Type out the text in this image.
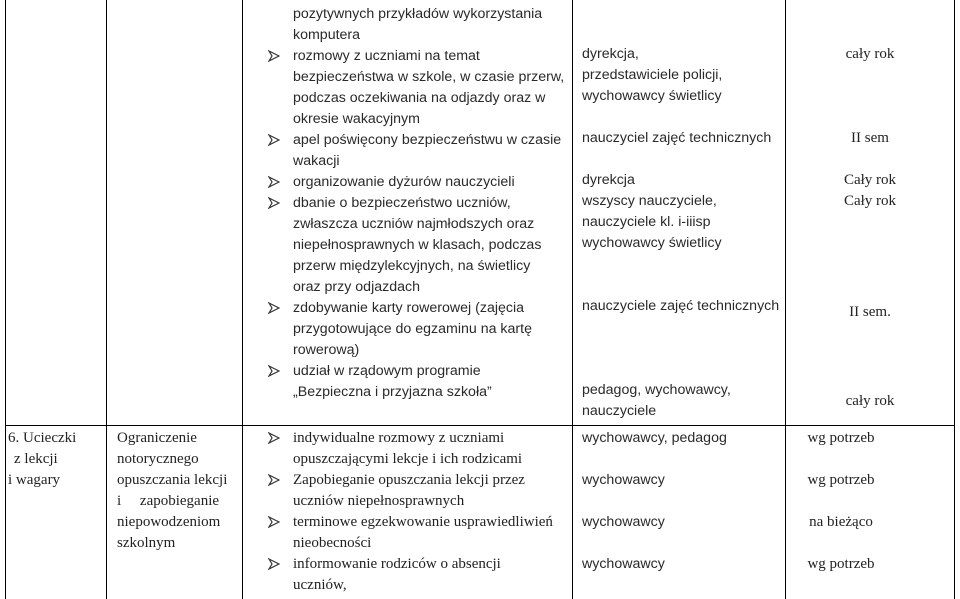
pozytywnych przykładów wykorzystania
komputera
rozmowy z uczniami na temat
bezpieczeństwa w szkole, w czasie przerw,
podczas oczekiwania na odjazdy oraz w
okresie wakacyjnym
apel poświęcony bezpieczeństwu w czasie
wakacji
organizowanie dyżurów nauczycieli
dbanie o bezpieczeństwo uczniów,
zwłaszcza uczniów najmłodszych oraz
niepełnosprawnych w klasach, podczas
przerw międzylekcyjnych, na świetlicy
oraz przy odjazdach
zdobywanie karty rowerowej (zajęcia
przygotowujące do egzaminu na kartę
rowerową)
udział w rządowym programie
„Bezpieczna i przyjazna szkoła”
dyrekcja,
przedstawiciele policji,
wychowawcy świetlicy
nauczyciel zajęć technicznych
dyrekcja
wszyscy nauczyciele,
nauczyciele kl. i-iiisp
wychowawcy świetlicy
nauczyciele zajęć technicznych
pedagog, wychowawcy,
nauczyciele
cały rok
II sem
Cały rok
Cały rok
II sem.
cały rok
6. Ucieczki
z lekcji
i wagary
Ograniczenie
notorycznego
opuszczania lekcji
i     zapobieganie
niepowodzeniom
szkolnym
indywidualne rozmowy z uczniami
opuszczającymi lekcje i ich rodzicami
Zapobieganie opuszczania lekcji przez
uczniów niepełnosprawnych
terminowe egzekwowanie usprawiedliwień
nieobecności
informowanie rodziców o absencji
uczniów,
wychowawcy, pedagog
wychowawcy
wychowawcy
wychowawcy
wg potrzeb
wg potrzeb
na bieżąco
wg potrzeb
